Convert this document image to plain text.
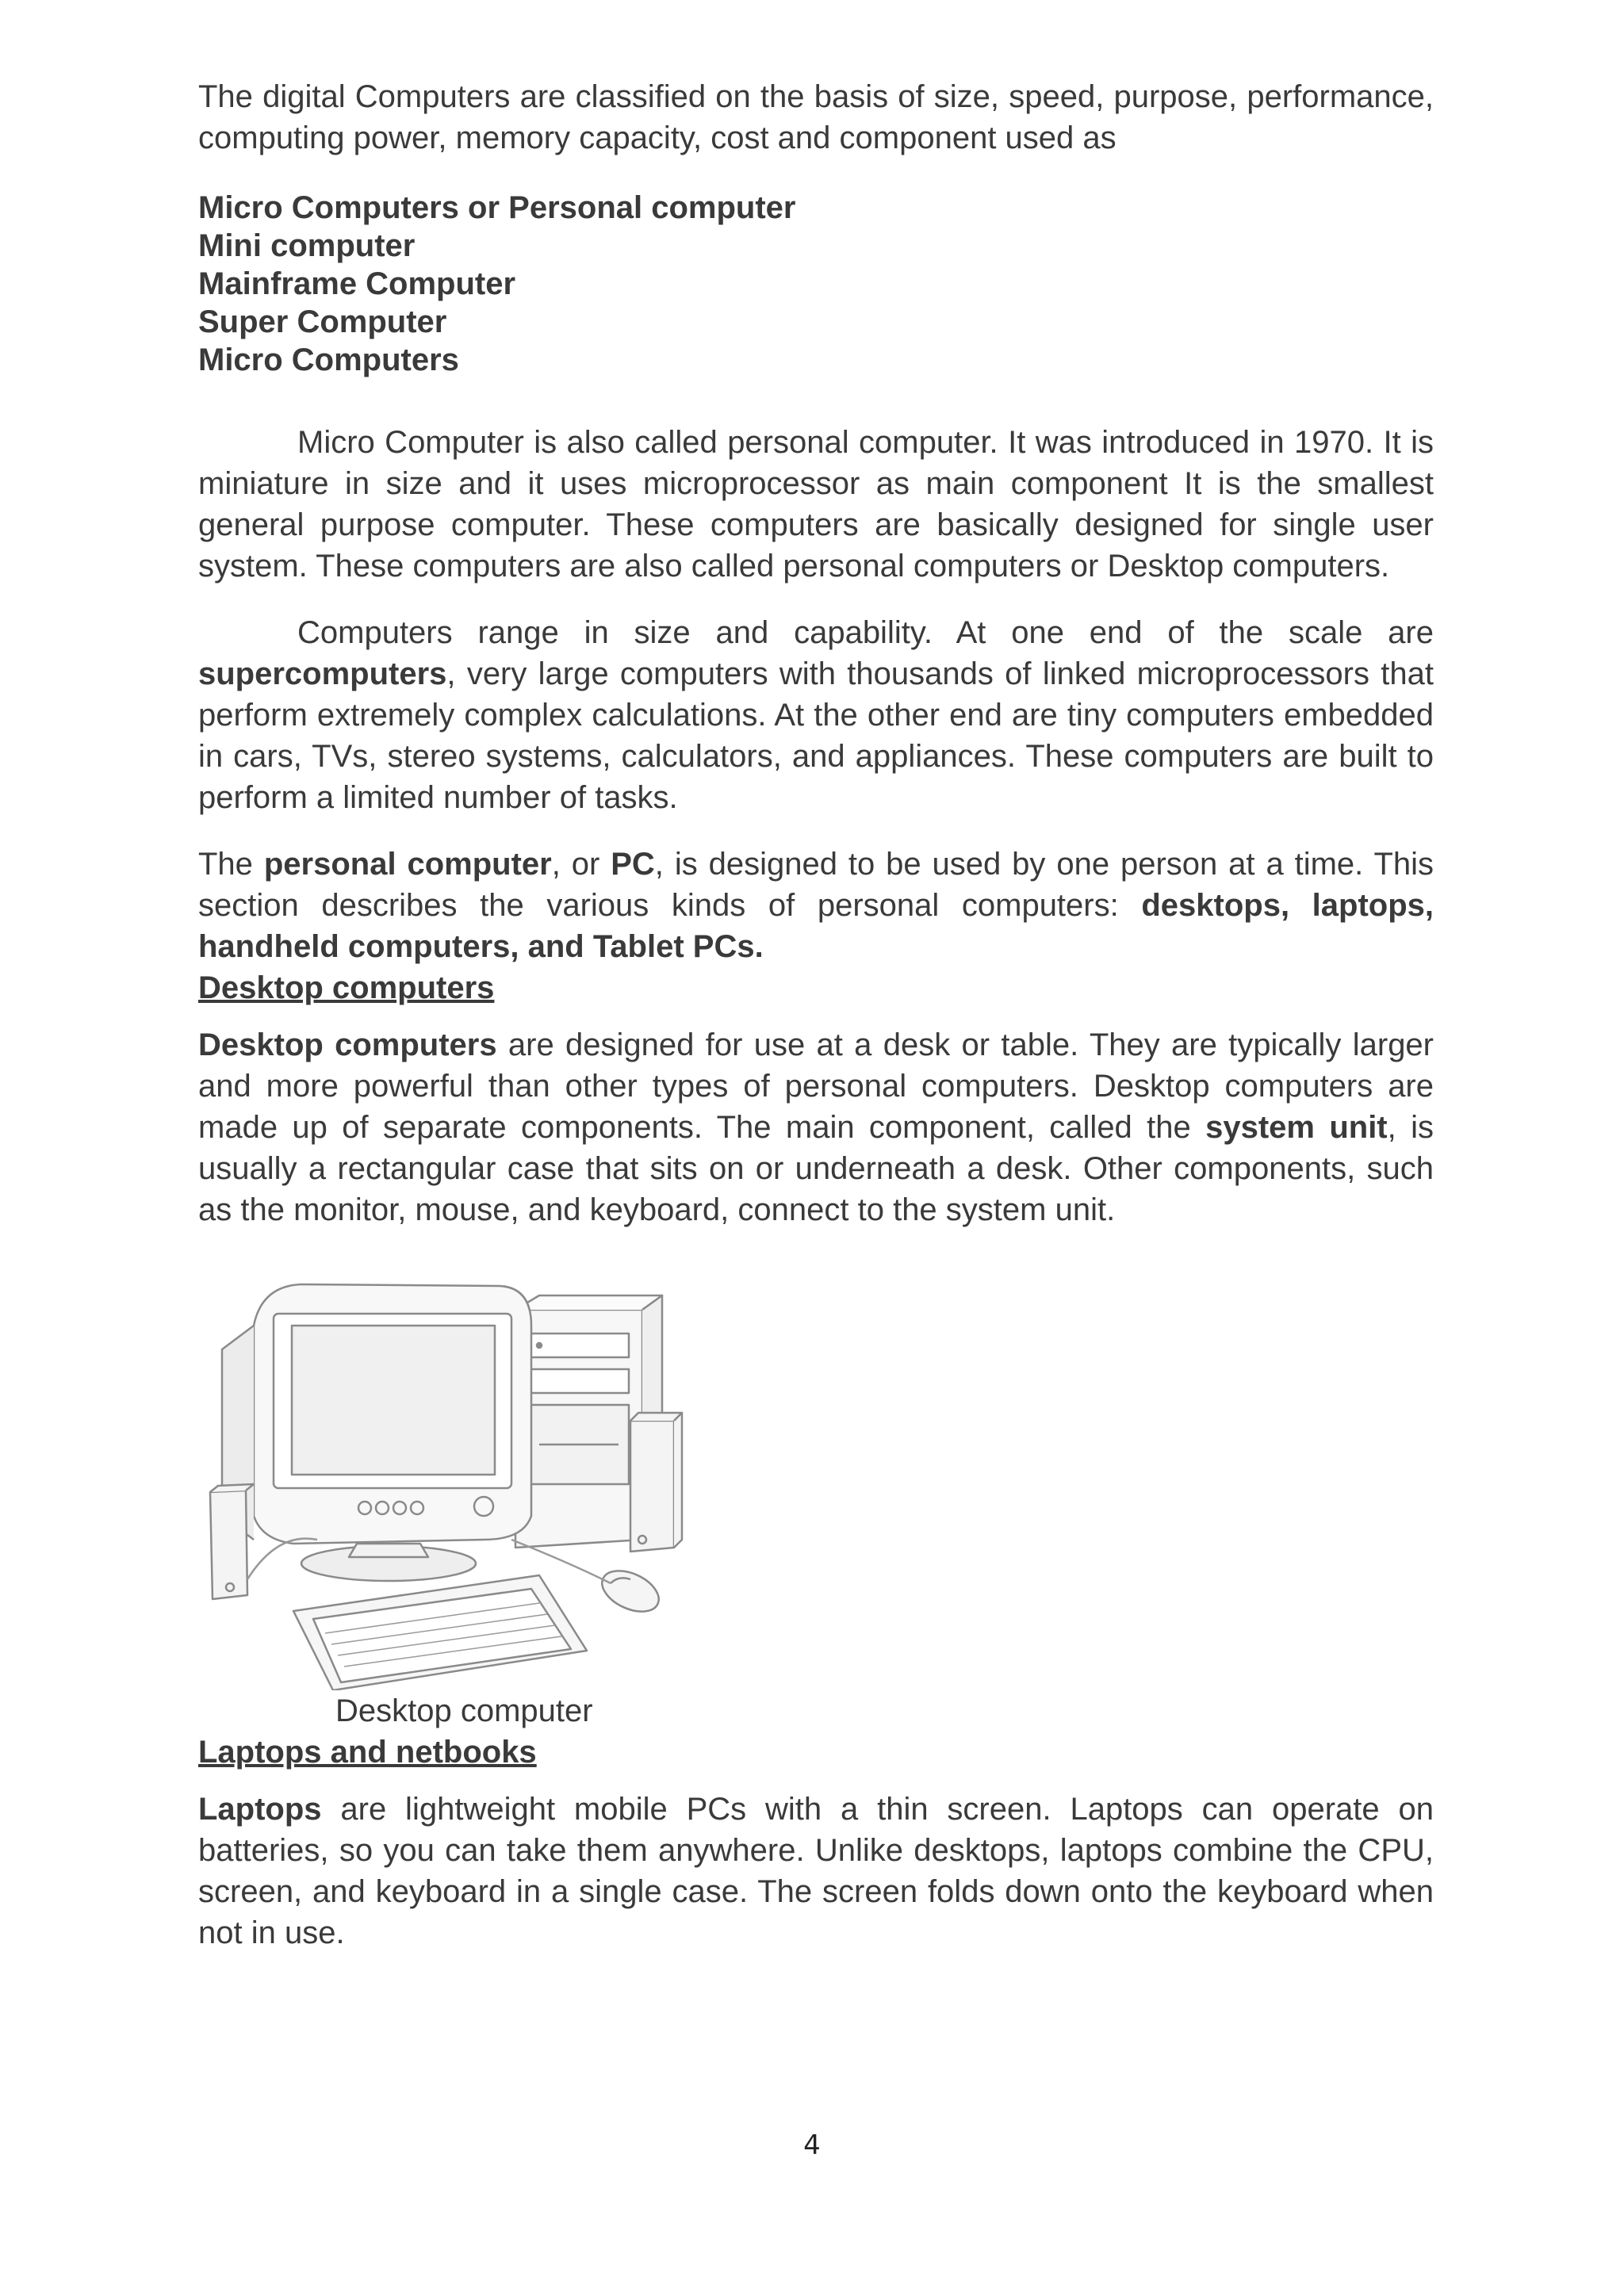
The digital Computers are classified on the basis of size, speed, purpose, performance, computing power, memory capacity, cost and component used as

Micro Computers or Personal computer
Mini computer
Mainframe Computer
Super Computer
Micro Computers

Micro Computer is also called personal computer. It was introduced in 1970. It is miniature in size and it uses microprocessor as main component It is the smallest general purpose computer. These computers are basically designed for single user system. These computers are also called personal computers or Desktop computers.

Computers range in size and capability. At one end of the scale are supercomputers, very large computers with thousands of linked microprocessors that perform extremely complex calculations. At the other end are tiny computers embedded in cars, TVs, stereo systems, calculators, and appliances. These computers are built to perform a limited number of tasks.

The personal computer, or PC, is designed to be used by one person at a time. This section describes the various kinds of personal computers: desktops, laptops, handheld computers, and Tablet PCs.

Desktop computers

Desktop computers are designed for use at a desk or table. They are typically larger and more powerful than other types of personal computers. Desktop computers are made up of separate components. The main component, called the system unit, is usually a rectangular case that sits on or underneath a desk. Other components, such as the monitor, mouse, and keyboard, connect to the system unit.

Desktop computer

Laptops and netbooks

Laptops are lightweight mobile PCs with a thin screen. Laptops can operate on batteries, so you can take them anywhere. Unlike desktops, laptops combine the CPU, screen, and keyboard in a single case. The screen folds down onto the keyboard when not in use.

4
